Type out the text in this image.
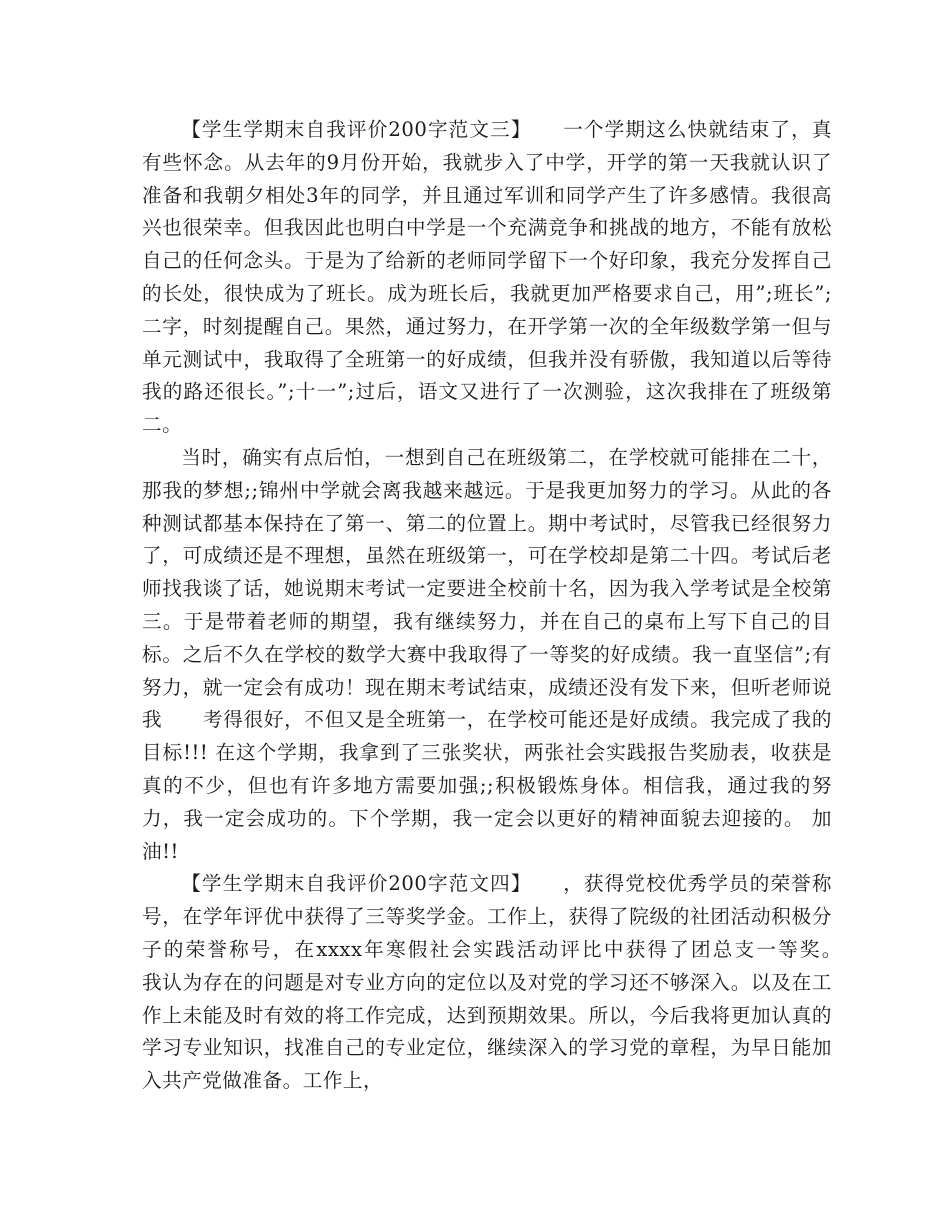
【学生学期末自我评价200字范文三】　　一个学期这么快就结束了，真有些怀念。从去年的9月份开始，我就步入了中学，开学的第一天我就认识了准备和我朝夕相处3年的同学，并且通过军训和同学产生了许多感情。我很高兴也很荣幸。但我因此也明白中学是一个充满竞争和挑战的地方，不能有放松自己的任何念头。于是为了给新的老师同学留下一个好印象，我充分发挥自己的长处，很快成为了班长。成为班长后，我就更加严格要求自己，用”;班长”;二字，时刻提醒自己。果然，通过努力，在开学第一次的全年级数学第一但与单元测试中，我取得了全班第一的好成绩，但我并没有骄傲，我知道以后等待我的路还很长。”;十一”;过后，语文又进行了一次测验，这次我排在了班级第二。

当时，确实有点后怕，一想到自己在班级第二，在学校就可能排在二十，那我的梦想;;锦州中学就会离我越来越远。于是我更加努力的学习。从此的各种测试都基本保持在了第一、第二的位置上。期中考试时，尽管我已经很努力了，可成绩还是不理想，虽然在班级第一，可在学校却是第二十四。考试后老师找我谈了话，她说期末考试一定要进全校前十名，因为我入学考试是全校第三。于是带着老师的期望，我有继续努力，并在自己的桌布上写下自己的目标。之后不久在学校的数学大赛中我取得了一等奖的好成绩。我一直坚信”;有努力，就一定会有成功！现在期末考试结束，成绩还没有发下来，但听老师说我　　考得很好，不但又是全班第一，在学校可能还是好成绩。我完成了我的目标!!! 在这个学期，我拿到了三张奖状，两张社会实践报告奖励表，收获是真的不少，但也有许多地方需要加强;;积极锻炼身体。相信我，通过我的努力，我一定会成功的。下个学期，我一定会以更好的精神面貌去迎接的。 加油!!

【学生学期末自我评价200字范文四】　　，获得党校优秀学员的荣誉称号，在学年评优中获得了三等奖学金。工作上，获得了院级的社团活动积极分子的荣誉称号，在xxxx年寒假社会实践活动评比中获得了团总支一等奖。　　我认为存在的问题是对专业方向的定位以及对党的学习还不够深入。以及在工作上未能及时有效的将工作完成，达到预期效果。所以，今后我将更加认真的学习专业知识，找准自己的专业定位，继续深入的学习党的章程，为早日能加入共产党做准备。工作上，
